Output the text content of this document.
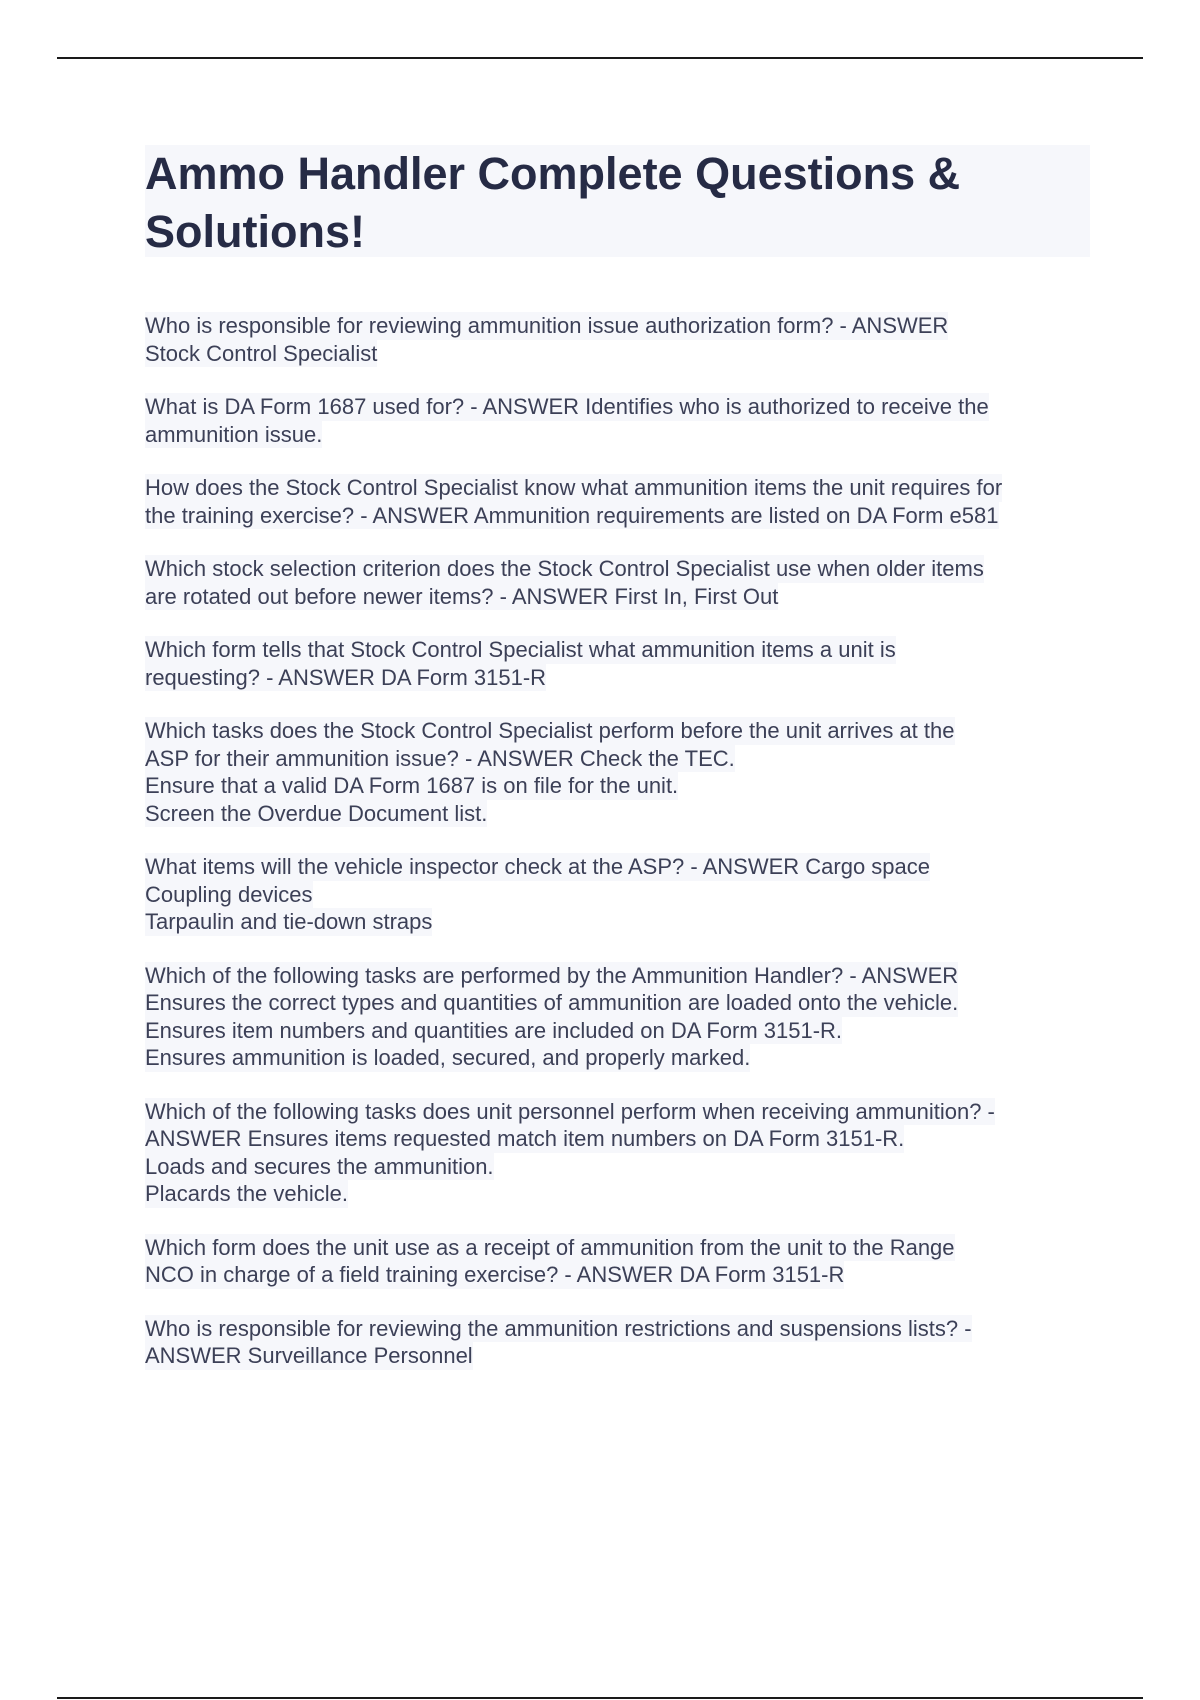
Ammo Handler Complete Questions &
Solutions!
Who is responsible for reviewing ammunition issue authorization form? - ANSWER
Stock Control Specialist

What is DA Form 1687 used for? - ANSWER Identifies who is authorized to receive the
ammunition issue.

How does the Stock Control Specialist know what ammunition items the unit requires for
the training exercise? - ANSWER Ammunition requirements are listed on DA Form e581

Which stock selection criterion does the Stock Control Specialist use when older items
are rotated out before newer items? - ANSWER First In, First Out

Which form tells that Stock Control Specialist what ammunition items a unit is
requesting? - ANSWER DA Form 3151-R

Which tasks does the Stock Control Specialist perform before the unit arrives at the
ASP for their ammunition issue? - ANSWER Check the TEC.
Ensure that a valid DA Form 1687 is on file for the unit.
Screen the Overdue Document list.

What items will the vehicle inspector check at the ASP? - ANSWER Cargo space
Coupling devices
Tarpaulin and tie-down straps

Which of the following tasks are performed by the Ammunition Handler? - ANSWER
Ensures the correct types and quantities of ammunition are loaded onto the vehicle.
Ensures item numbers and quantities are included on DA Form 3151-R.
Ensures ammunition is loaded, secured, and properly marked.

Which of the following tasks does unit personnel perform when receiving ammunition? -
ANSWER Ensures items requested match item numbers on DA Form 3151-R.
Loads and secures the ammunition.
Placards the vehicle.

Which form does the unit use as a receipt of ammunition from the unit to the Range
NCO in charge of a field training exercise? - ANSWER DA Form 3151-R

Who is responsible for reviewing the ammunition restrictions and suspensions lists? -
ANSWER Surveillance Personnel
